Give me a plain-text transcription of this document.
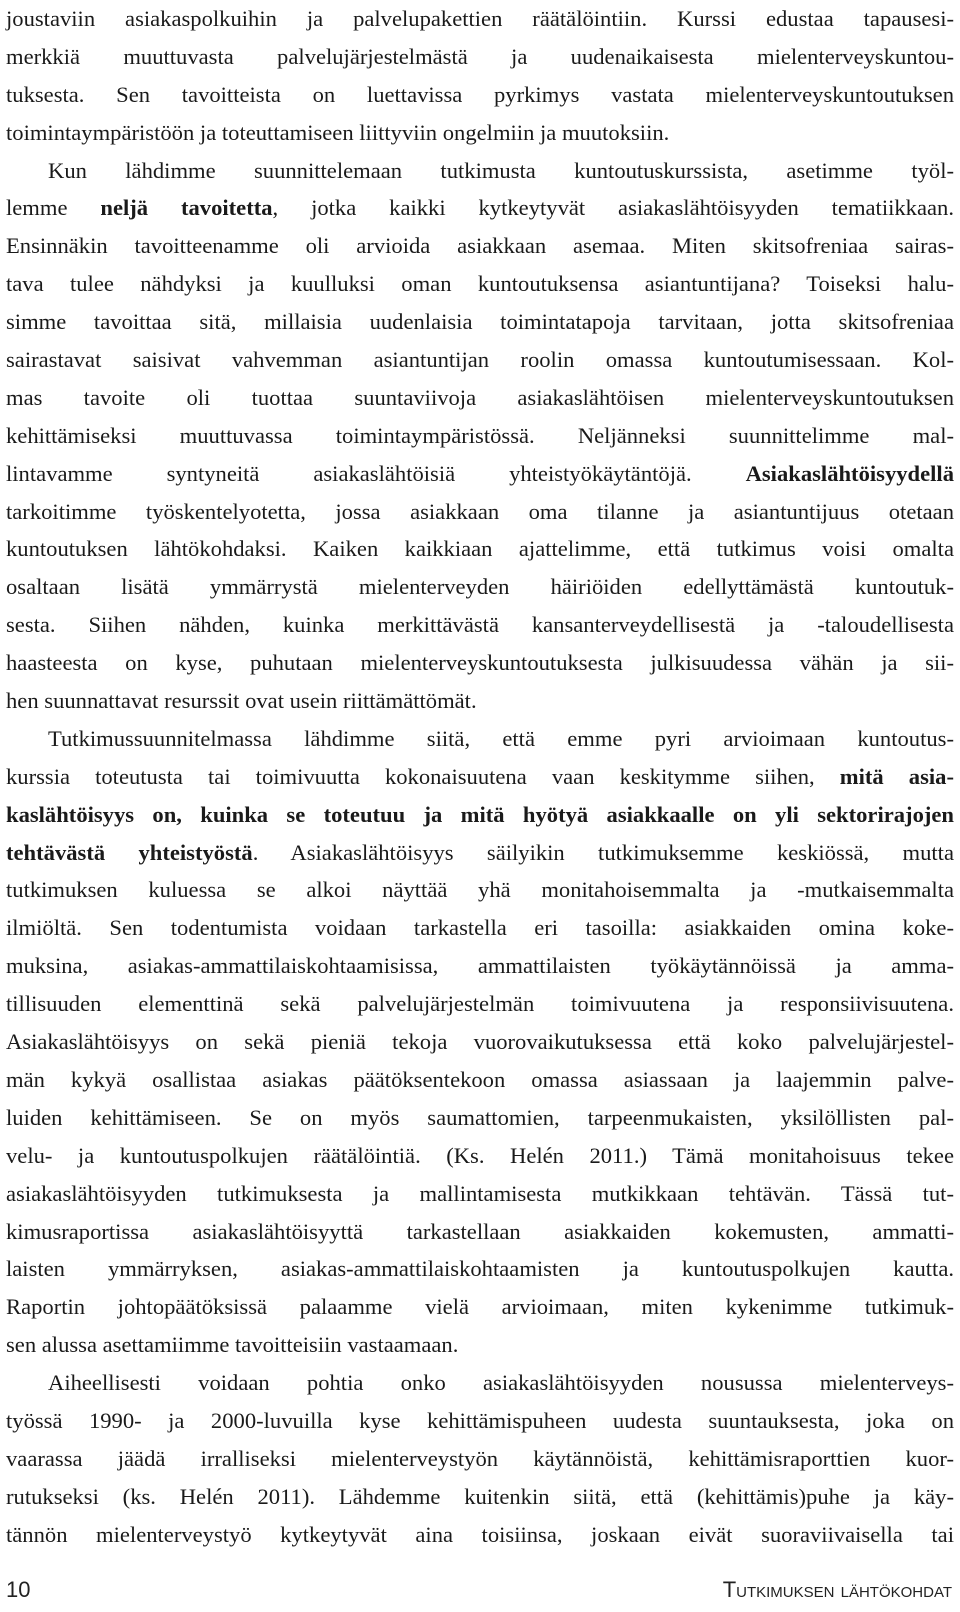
joustaviin asiakaspolkuihin ja palvelupakettien räätälöintiin. Kurssi edustaa tapausesi-
merkkiä muuttuvasta palvelujärjestelmästä ja uudenaikaisesta mielenterveyskuntou-
tuksesta. Sen tavoitteista on luettavissa pyrkimys vastata mielenterveyskuntoutuksen
toimintaympäristöön ja toteuttamiseen liittyviin ongelmiin ja muutoksiin.
Kun lähdimme suunnittelemaan tutkimusta kuntoutuskurssista, asetimme työl-
lemme neljä tavoitetta, jotka kaikki kytkeytyvät asiakaslähtöisyyden tematiikkaan.
Ensinnäkin tavoitteenamme oli arvioida asiakkaan asemaa. Miten skitsofreniaa sairas-
tava tulee nähdyksi ja kuulluksi oman kuntoutuksensa asiantuntijana? Toiseksi halu-
simme tavoittaa sitä, millaisia uudenlaisia toimintatapoja tarvitaan, jotta skitsofreniaa
sairastavat saisivat vahvemman asiantuntijan roolin omassa kuntoutumisessaan. Kol-
mas tavoite oli tuottaa suuntaviivoja asiakaslähtöisen mielenterveyskuntoutuksen
kehittämiseksi muuttuvassa toimintaympäristössä. Neljänneksi suunnittelimme mal-
lintavamme syntyneitä asiakaslähtöisiä yhteistyökäytäntöjä. Asiakaslähtöisyydellä
tarkoitimme työskentelyotetta, jossa asiakkaan oma tilanne ja asiantuntijuus otetaan
kuntoutuksen lähtökohdaksi. Kaiken kaikkiaan ajattelimme, että tutkimus voisi omalta
osaltaan lisätä ymmärrystä mielenterveyden häiriöiden edellyttämästä kuntoutuk-
sesta. Siihen nähden, kuinka merkittävästä kansanterveydellisestä ja -taloudellisesta
haasteesta on kyse, puhutaan mielenterveyskuntoutuksesta julkisuudessa vähän ja sii-
hen suunnattavat resurssit ovat usein riittämättömät.
Tutkimussuunnitelmassa lähdimme siitä, että emme pyri arvioimaan kuntoutus-
kurssia toteutusta tai toimivuutta kokonaisuutena vaan keskitymme siihen, mitä asia-
kaslähtöisyys on, kuinka se toteutuu ja mitä hyötyä asiakkaalle on yli sektorirajojen
tehtävästä yhteistyöstä. Asiakaslähtöisyys säilyikin tutkimuksemme keskiössä, mutta
tutkimuksen kuluessa se alkoi näyttää yhä monitahoisemmalta ja -mutkaisemmalta
ilmiöltä. Sen todentumista voidaan tarkastella eri tasoilla: asiakkaiden omina koke-
muksina, asiakas-ammattilaiskohtaamisissa, ammattilaisten työkäytännöissä ja amma-
tillisuuden elementtinä sekä palvelujärjestelmän toimivuutena ja responsiivisuutena.
Asiakaslähtöisyys on sekä pieniä tekoja vuorovaikutuksessa että koko palvelujärjestel-
män kykyä osallistaa asiakas päätöksentekoon omassa asiassaan ja laajemmin palve-
luiden kehittämiseen. Se on myös saumattomien, tarpeenmukaisten, yksilöllisten pal-
velu- ja kuntoutuspolkujen räätälöintiä. (Ks. Helén 2011.) Tämä monitahoisuus tekee
asiakaslähtöisyyden tutkimuksesta ja mallintamisesta mutkikkaan tehtävän. Tässä tut-
kimusraportissa asiakaslähtöisyyttä tarkastellaan asiakkaiden kokemusten, ammatti-
laisten ymmärryksen, asiakas-ammattilaiskohtaamisten ja kuntoutuspolkujen kautta.
Raportin johtopäätöksissä palaamme vielä arvioimaan, miten kykenimme tutkimuk-
sen alussa asettamiimme tavoitteisiin vastaamaan.
Aiheellisesti voidaan pohtia onko asiakaslähtöisyyden nousussa mielenterveys-
työssä 1990- ja 2000-luvuilla kyse kehittämispuheen uudesta suuntauksesta, joka on
vaarassa jäädä irralliseksi mielenterveystyön käytännöistä, kehittämisraporttien kuor-
rutukseksi (ks. Helén 2011). Lähdemme kuitenkin siitä, että (kehittämis)puhe ja käy-
tännön mielenterveystyö kytkeytyvät aina toisiinsa, joskaan eivät suoraviivaisella tai
10	Tutkimuksen lähtökohdat
